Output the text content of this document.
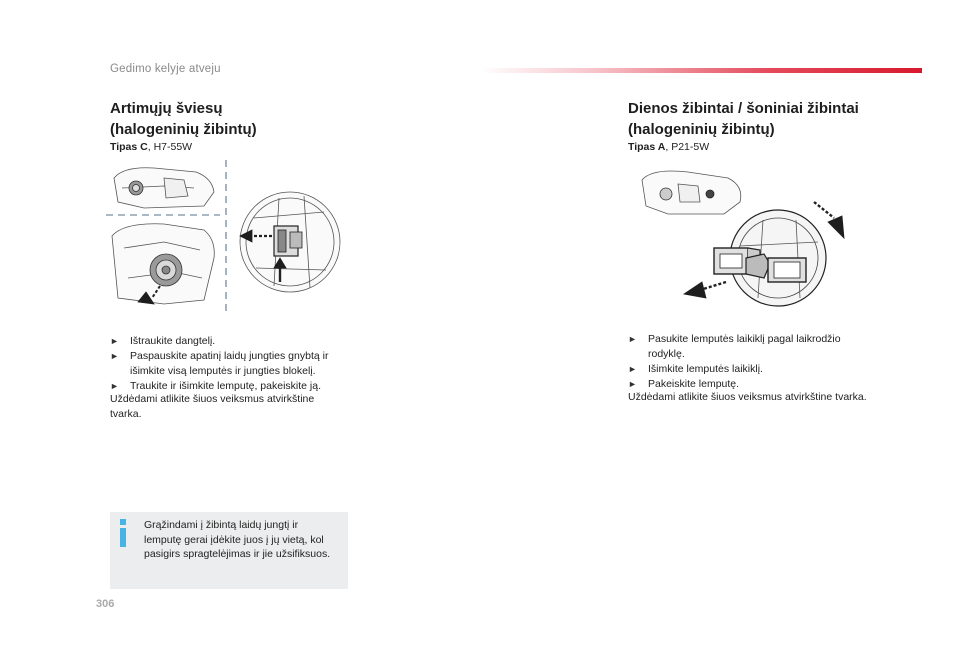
Gedimo kelyje atveju
Artimųjų šviesų
(halogeninių žibintų)
Tipas C, H7-55W
► Ištraukite dangtelį.
► Paspauskite apatinį laidų jungties gnybtą ir išimkite visą lemputės ir jungties blokelį.
► Traukite ir išimkite lemputę, pakeiskite ją.
Uždėdami atlikite šiuos veiksmus atvirkštine tvarka.
Grąžindami į žibintą laidų jungtį ir lemputę gerai įdėkite juos į jų vietą, kol pasigirs spragtelėjimas ir jie užsifiksuos.
306
Dienos žibintai / šoniniai žibintai
(halogeninių žibintų)
Tipas A, P21-5W
► Pasukite lemputės laikiklį pagal laikrodžio rodyklę.
► Išimkite lemputės laikiklį.
► Pakeiskite lemputę.
Uždėdami atlikite šiuos veiksmus atvirkštine tvarka.
